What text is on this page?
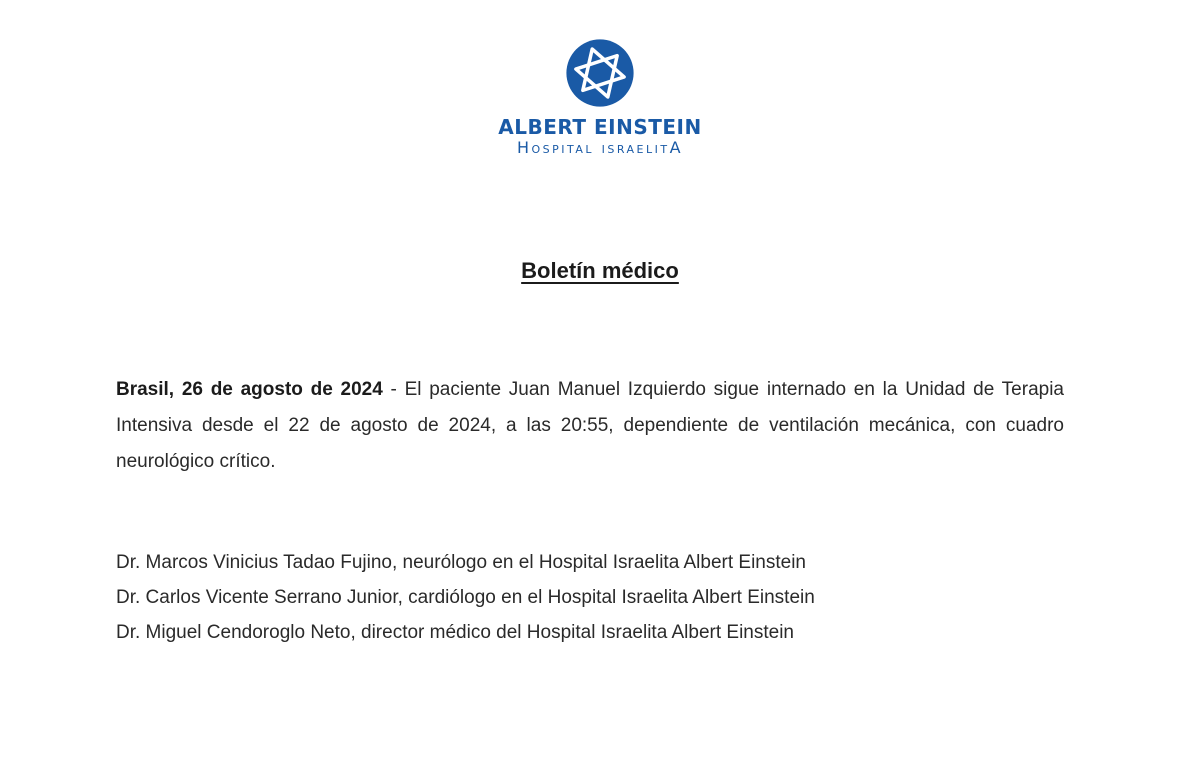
ALBERT EINSTEIN
Hospital israelitA
Boletín médico
Brasil, 26 de agosto de 2024 - El paciente Juan Manuel Izquierdo sigue internado en la Unidad de Terapia Intensiva desde el 22 de agosto de 2024, a las 20:55, dependiente de ventilación mecánica, con cuadro neurológico crítico.
Dr. Marcos Vinicius Tadao Fujino, neurólogo en el Hospital Israelita Albert Einstein
Dr. Carlos Vicente Serrano Junior, cardiólogo en el Hospital Israelita Albert Einstein
Dr. Miguel Cendoroglo Neto, director médico del Hospital Israelita Albert Einstein
